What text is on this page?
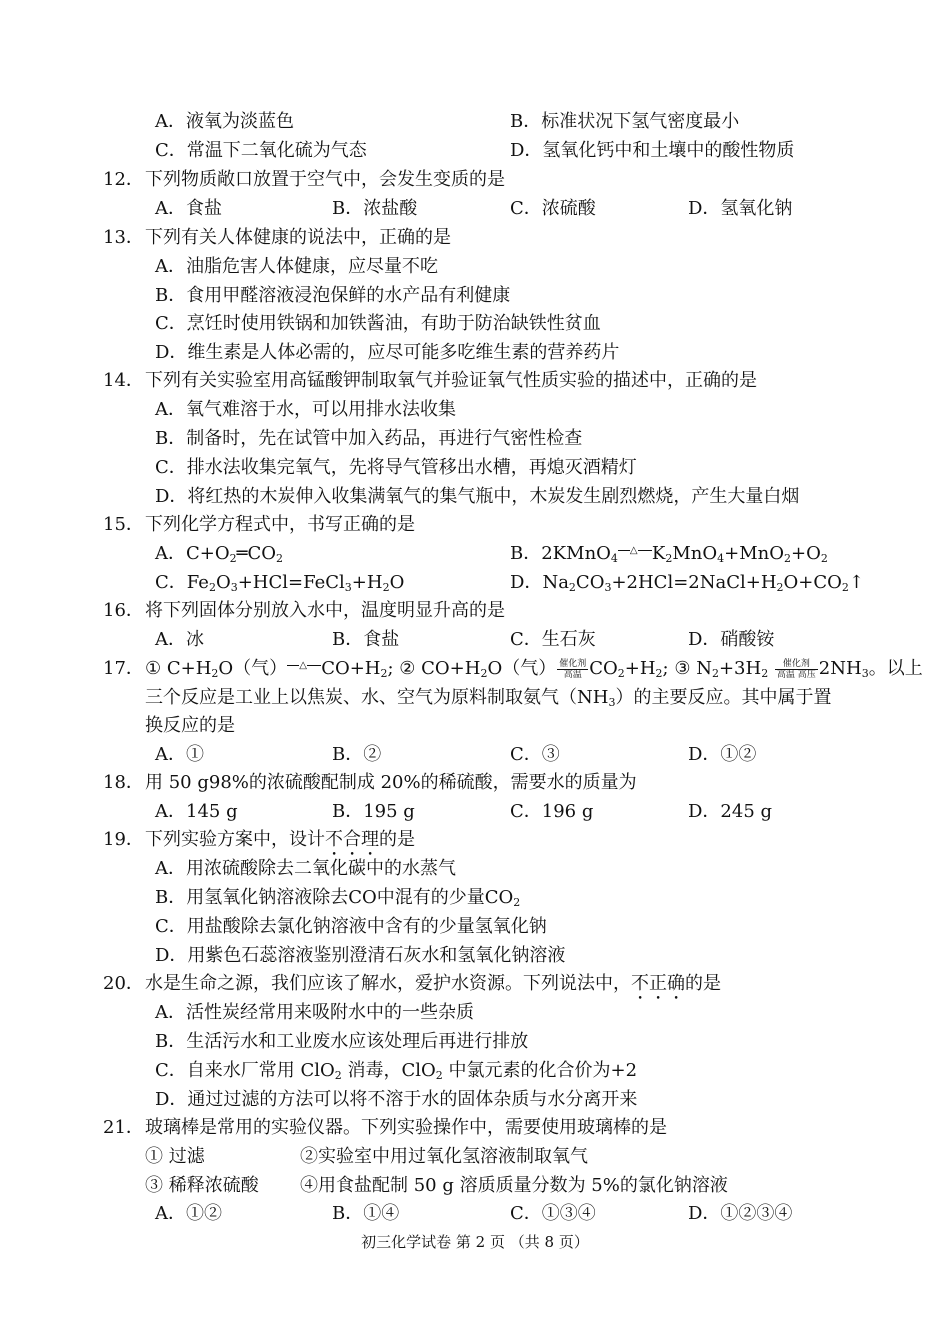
A．液氧为淡蓝色	B．标准状况下氢气密度最小
C．常温下二氧化硫为气态	D．氢氧化钙中和土壤中的酸性物质
12． 下列物质敞口放置于空气中，会发生变质的是
A．食盐	B．浓盐酸	C．浓硫酸	D．氢氧化钠
13． 下列有关人体健康的说法中，正确的是
A．油脂危害人体健康，应尽量不吃
B．食用甲醛溶液浸泡保鲜的水产品有利健康
C．烹饪时使用铁锅和加铁酱油，有助于防治缺铁性贫血
D．维生素是人体必需的，应尽可能多吃维生素的营养药片
14． 下列有关实验室用高锰酸钾制取氧气并验证氧气性质实验的描述中，正确的是
A．氧气难溶于水，可以用排水法收集
B．制备时，先在试管中加入药品，再进行气密性检查
C．排水法收集完氧气，先将导气管移出水槽，再熄灭酒精灯
D．将红热的木炭伸入收集满氧气的集气瓶中，木炭发生剧烈燃烧，产生大量白烟
15． 下列化学方程式中，书写正确的是
A．$C+O_2═CO_2$	B．2KMnO$_4$
△ $K_2MnO_4+MnO_2+O_2$
C．$Fe_2O_3+HCl=FeCl_3+H_2O$	D．$Na_2CO_3+2HCl=2NaCl+H_2O+CO_2↑$
16． 将下列固体分别放入水中，温度明显升高的是
A．冰	B．食盐	C．生石灰	D．硝酸铵
17． ① $C+H_2O$（气） △ $CO+H_2$; ② $CO+H_2O$（气） 催化剂
高温 $CO_2+H_2$; ③ $N_2+3H_2$
催化剂
高温 高压 $2NH_3$。以上
三个反应是工业上以焦炭、水、空气为原料制取氨气$(NH_3)$的主要反应。其中属于置
换反应的是
A．①	B．②	C．③	D．①②
18． 用 50 g98%的浓硫酸配制成 20%的稀硫酸，需要水的质量为
A．145 g	B．195 g	C．196 g	D．245 g
19． 下列实验方案中，设计不合理的是
A．用浓硫酸除去二氧化碳中的水蒸气
B．用氢氧化钠溶液除去CO中混有的少量$CO_2$
C．用盐酸除去氯化钠溶液中含有的少量氢氧化钠
D．用紫色石蕊溶液鉴别澄清石灰水和氢氧化钠溶液
20． 水是生命之源，我们应该了解水，爱护水资源。下列说法中，不正确的是
A．活性炭经常用来吸附水中的一些杂质
B．生活污水和工业废水应该处理后再进行排放
C．自来水厂常用 ClO$_2$ 消毒，ClO$_2$ 中氯元素的化合价为+2
D．通过过滤的方法可以将不溶于水的固体杂质与水分离开来
21． 玻璃棒是常用的实验仪器。下列实验操作中，需要使用玻璃棒的是
① 过滤	②实验室中用过氧化氢溶液制取氧气
③ 稀释浓硫酸 ④用食盐配制 50 g 溶质质量分数为 5%的氯化钠溶液
A．①②	B．①④	C．①③④	D．①②③④
初三化学试卷 第 2 页 （共 8 页）
